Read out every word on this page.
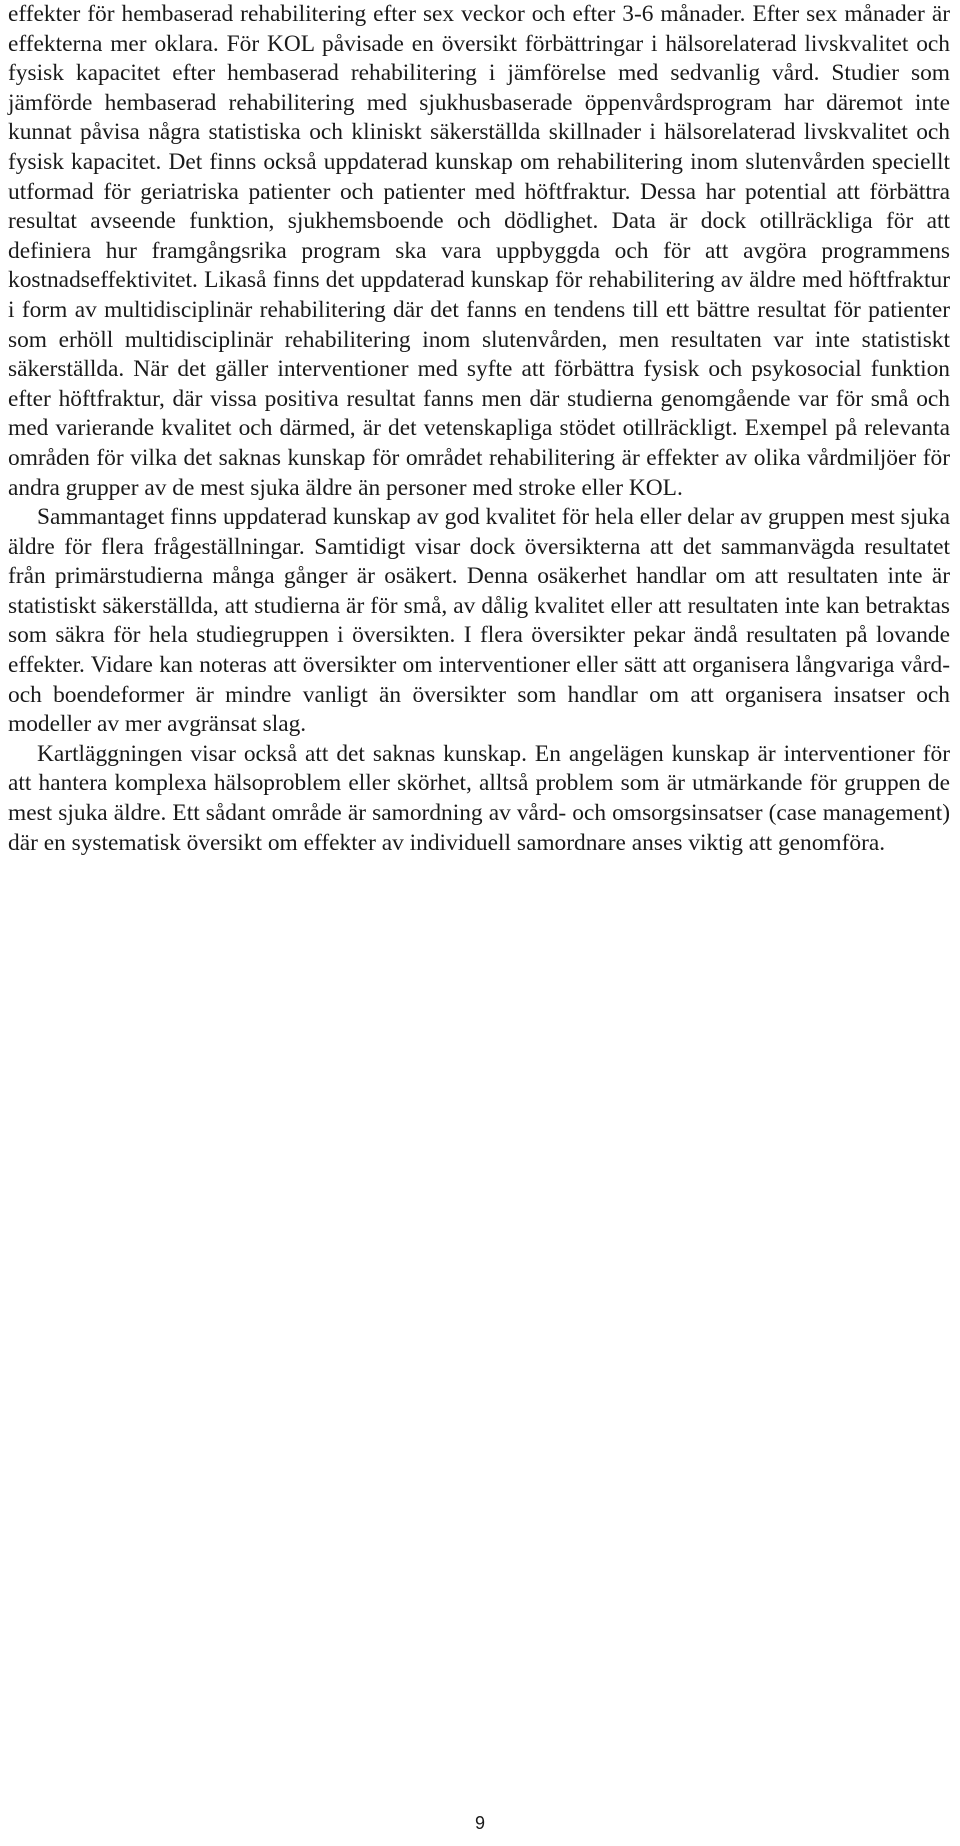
effekter för hembaserad rehabilitering efter sex veckor och efter 3-6 månader. Efter sex månader är effekterna mer oklara. För KOL påvisade en översikt förbättringar i hälsorelaterad livskvalitet och fysisk kapacitet efter hembaserad rehabilitering i jämförelse med sedvanlig vård. Studier som jämförde hembaserad rehabilitering med sjukhusbaserade öppenvårdsprogram har däremot inte kunnat påvisa några statistiska och kliniskt säkerställda skillnader i hälsorelaterad livskvalitet och fysisk kapacitet. Det finns också uppdaterad kunskap om rehabilitering inom slutenvården speciellt utformad för geriatriska patienter och patienter med höftfraktur. Dessa har potential att förbättra resultat avseende funktion, sjukhemsboende och dödlighet. Data är dock otillräckliga för att definiera hur framgångsrika program ska vara uppbyggda och för att avgöra programmens kostnadseffektivitet. Likaså finns det uppdaterad kunskap för rehabilitering av äldre med höftfraktur i form av multidisciplinär rehabilitering där det fanns en tendens till ett bättre resultat för patienter som erhöll multidisciplinär rehabilitering inom slutenvården, men resultaten var inte statistiskt säkerställda. När det gäller interventioner med syfte att förbättra fysisk och psykosocial funktion efter höftfraktur, där vissa positiva resultat fanns men där studierna genomgående var för små och med varierande kvalitet och därmed, är det vetenskapliga stödet otillräckligt. Exempel på relevanta områden för vilka det saknas kunskap för området rehabilitering är effekter av olika vårdmiljöer för andra grupper av de mest sjuka äldre än personer med stroke eller KOL.

Sammantaget finns uppdaterad kunskap av god kvalitet för hela eller delar av gruppen mest sjuka äldre för flera frågeställningar. Samtidigt visar dock översikterna att det sammanvägda resultatet från primärstudierna många gånger är osäkert. Denna osäkerhet handlar om att resultaten inte är statistiskt säkerställda, att studierna är för små, av dålig kvalitet eller att resultaten inte kan betraktas som säkra för hela studiegruppen i översikten. I flera översikter pekar ändå resultaten på lovande effekter. Vidare kan noteras att översikter om interventioner eller sätt att organisera långvariga vård- och boendeformer är mindre vanligt än översikter som handlar om att organisera insatser och modeller av mer avgränsat slag.

Kartläggningen visar också att det saknas kunskap. En angelägen kunskap är interventioner för att hantera komplexa hälsoproblem eller skörhet, alltså problem som är utmärkande för gruppen de mest sjuka äldre. Ett sådant område är samordning av vård- och omsorgsinsatser (case management) där en systematisk översikt om effekter av individuell samordnare anses viktig att genomföra.

9
